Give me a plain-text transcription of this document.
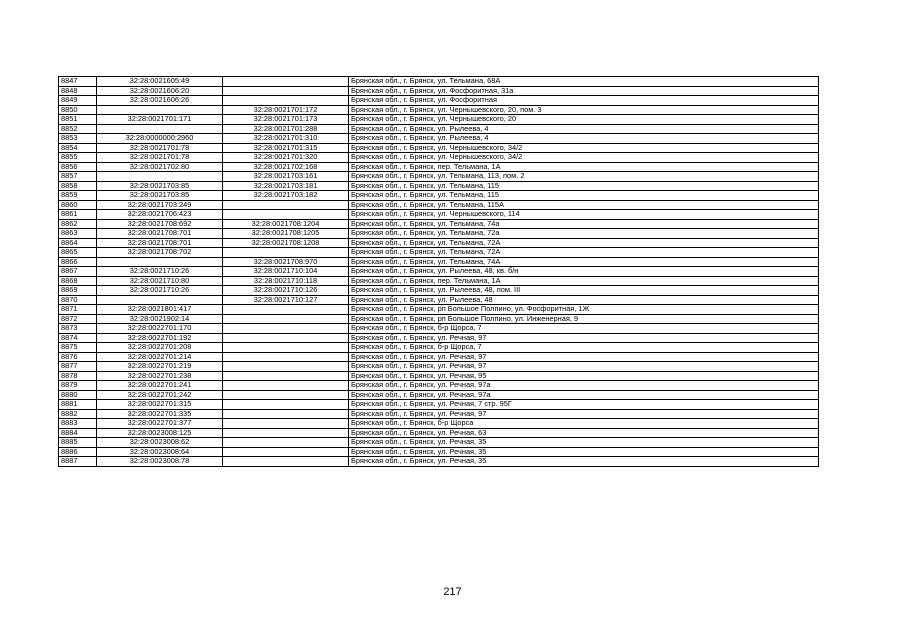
8847	32:28:0021605:49		Брянская обл., г. Брянск, ул. Тельмана, 68А
8848	32:28:0021606:20		Брянская обл., г. Брянск, ул. Фосфоритная, 31а
8849	32:28:0021606:26		Брянская обл., г. Брянск, ул. Фосфоритная
8850		32:28:0021701:172	Брянская обл., г. Брянск, ул. Чернышевского, 20, пом. 3
8851	32:28:0021701:171	32:28:0021701:173	Брянская обл., г. Брянск, ул. Чернышевского, 20
8852		32:28:0021701:288	Брянская обл., г. Брянск, ул. Рылеева, 4
8853	32:28:0000000:2960	32:28:0021701:310	Брянская обл., г. Брянск, ул. Рылеева, 4
8854	32:28:0021701:78	32:28:0021701:315	Брянская обл., г. Брянск, ул. Чернышевского, 34/2
8855	32:28:0021701:78	32:28:0021701:320	Брянская обл., г. Брянск, ул. Чернышевского, 34/2
8856	32:28:0021702:80	32:28:0021702:168	Брянская обл., г. Брянск, пер. Тельмана, 1А
8857		32:28:0021703:161	Брянская обл., г. Брянск, ул. Тельмана, 113, пом. 2
8858	32:28:0021703:85	32:28:0021703:181	Брянская обл., г. Брянск, ул. Тельмана, 115
8859	32:28:0021703:85	32:28:0021703:182	Брянская обл., г. Брянск, ул. Тельмана, 115
8860	32:28:0021703:249		Брянская обл., г. Брянск, ул. Тельмана, 115А
8861	32:28:0021706:423		Брянская обл., г. Брянск, ул. Чернышевского, 114
8862	32:28:0021708:692	32:28:0021708:1204	Брянская обл., г. Брянск, ул. Тельмана, 74а
8863	32:28:0021708:701	32:28:0021708:1205	Брянская обл., г. Брянск, ул. Тельмана, 72а
8864	32:28:0021708:701	32:28:0021708:1208	Брянская обл., г. Брянск, ул. Тельмана, 72А
8865	32:28:0021708:702		Брянская обл., г. Брянск, ул. Тельмана, 72А
8866		32:28:0021708:970	Брянская обл., г. Брянск, ул. Тельмана, 74А
8867	32:28:0021710:26	32:28:0021710:104	Брянская обл., г. Брянск, ул. Рылеева, 48, кв. б/н
8868	32:28:0021710:80	32:28:0021710:118	Брянская обл., г. Брянск, пер. Тельмана, 1А
8869	32:28:0021710:26	32:28:0021710:126	Брянская обл., г. Брянск, ул. Рылеева, 48, пом. III
8870		32:28:0021710:127	Брянская обл., г. Брянск, ул. Рылеева, 48
8871	32:28:0021801:417		Брянская обл., г. Брянск, рп Большое Полпино, ул. Фосфоритная, 1Ж
8872	32:28:0021902:14		Брянская обл., г. Брянск, рп Большое Полпино, ул. Инженерная, 9
8873	32:28:0022701:170		Брянская обл., г. Брянск, б-р Щорса, 7
8874	32:28:0022701:192		Брянская обл., г. Брянск, ул. Речная, 97
8875	32:28:0022701:208		Брянская обл., г. Брянск, б-р Щорса, 7
8876	32:28:0022701:214		Брянская обл., г. Брянск, ул. Речная, 97
8877	32:28:0022701:219		Брянская обл., г. Брянск, ул. Речная, 97
8878	32:28:0022701:238		Брянская обл., г. Брянск, ул. Речная, 95
8879	32:28:0022701:241		Брянская обл., г. Брянск, ул. Речная, 97а
8880	32:28:0022701:242		Брянская обл., г. Брянск, ул. Речная, 97а
8881	32:28:0022701:315		Брянская обл., г. Брянск, ул. Речная, 7 стр. 95Г
8882	32:28:0022701:335		Брянская обл., г. Брянск, ул. Речная, 97
8883	32:28:0022701:377		Брянская обл., г. Брянск, б-р Щорса
8884	32:28:0023008:125		Брянская обл., г. Брянск, ул. Речная, 63
8885	32:28:0023008:62		Брянская обл., г. Брянск, ул. Речная, 35
8886	32:28:0023008:64		Брянская обл., г. Брянск, ул. Речная, 35
8887	32:28:0023008:78		Брянская обл., г. Брянск, ул. Речная, 35
217
